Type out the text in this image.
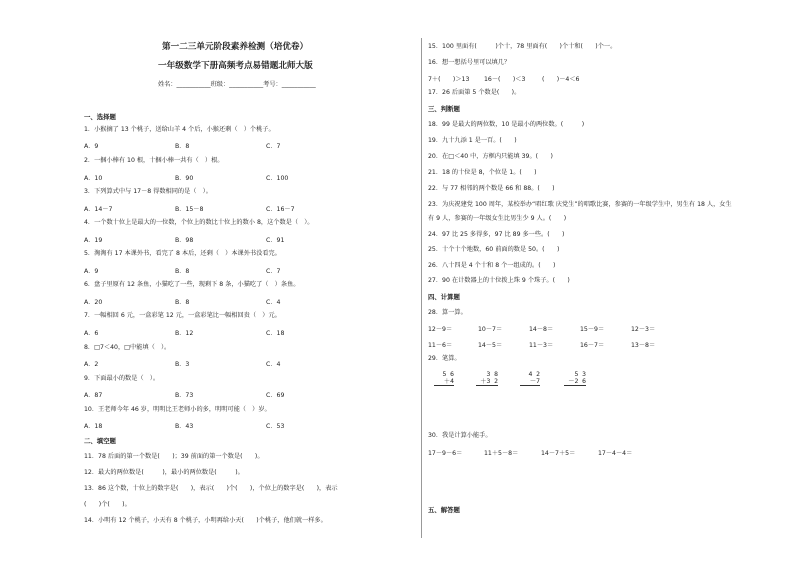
第一二三单元阶段素养检测（培优卷）
一年级数学下册高频考点易错题北师大版
姓名：___________班级：___________考号：___________
一、选择题
1．小猴摘了 13 个桃子，送给山羊 4 个后，小猴还剩（　）个桃子。
A．9	B．8	C．7
2．一捆小棒有 10 根，十捆小棒一共有（　）根。
A．10	B．90	C．100
3．下列算式中与 17－8 得数相同的是（　）。
A．14－7	B．15－8	C．16－7
4．一个数十位上是最大的一位数，个位上的数比十位上的数小 8，这个数是（　）。
A．19	B．98	C．91
5．淘淘有 17 本课外书，看完了 8 本后，还剩（　）本课外书没看完。
A．9	B．8	C．7
6．盘子里原有 12 条鱼，小猫吃了一些，现剩下 8 条，小猫吃了（　）条鱼。
A．20	B．8	C．4
7．一幅相回 6 元，一盒彩笔 12 元，一盒彩笔比一幅相回贵（　）元。
A．6	B．12	C．18
8．□7＜40，□中能填（　）。
A．2	B．3	C．4
9．下面最小的数是（　）。
A．87	B．73	C．69
10．王老师今年 46 岁，明明比王老师小的多，明明可能（　）岁。
A．18	B．43	C．53
二、填空题
11．78 后面的第一个数是(　　)；39 前面的第一个数是(　　)。
12．最大的两位数是(　　　)，最小的两位数是(　　　)。
13．86 这个数，十位上的数字是(　　)，表示(　　)个(　　)，个位上的数字是(　　)，表示
(　　)个(　　)。
14．小明有 12 个桃子，小天有 8 个桃子，小明再给小天(　　)个桃子，他们就一样多。
15．100 里面有(　　　)个十，78 里面有(　　)个十和(　　)个一。
16．想一想括号里可以填几？
7＋(　　)＞13 16－(　　)＜3	(　　)－4＜6
17．26 后面第 5 个数是(　　)。
三、判断题
18．99 是最大的两位数，10 是最小的两位数。(　　　)
19．九十九添 1 是一百。(　　)
20．在□＜40 中，方框内只能填 39。(　　)
21．18 的十位是 8，个位是 1。(　　)
22．与 77 相邻的两个数是 66 和 88。(　　)
23．为庆祝建党 100 周年，某校举办“唱红歌 庆党生”的唱歌比赛，参赛的一年级学生中，男生有 18 人，女生
有 9 人，参赛的一年级女生比男生少 9 人。(　　)
24．97 比 25 多得多，97 比 89 多一些。(　　)
25．十个十个地数，60 前面的数是 50。(　　)
26．八十四是 4 个十和 8 个一组成的。(　　)
27．90 在计数器上的十位拨上珠 9 个珠子。(　　)
四、计算题
28．算一算。
12－9＝	10－7＝	14－8＝	15－9＝	12－3＝
11－6＝	14－5＝	11－3＝	16－7＝	13－8＝
29．笔算。
5 6
＋4
3 8
＋3 2
4 2
－7
5 3
－2 6
30．我是计算小能手。
17－9－6＝	11＋5－8＝	14－7＋5＝	17－4－4＝
五、解答题
